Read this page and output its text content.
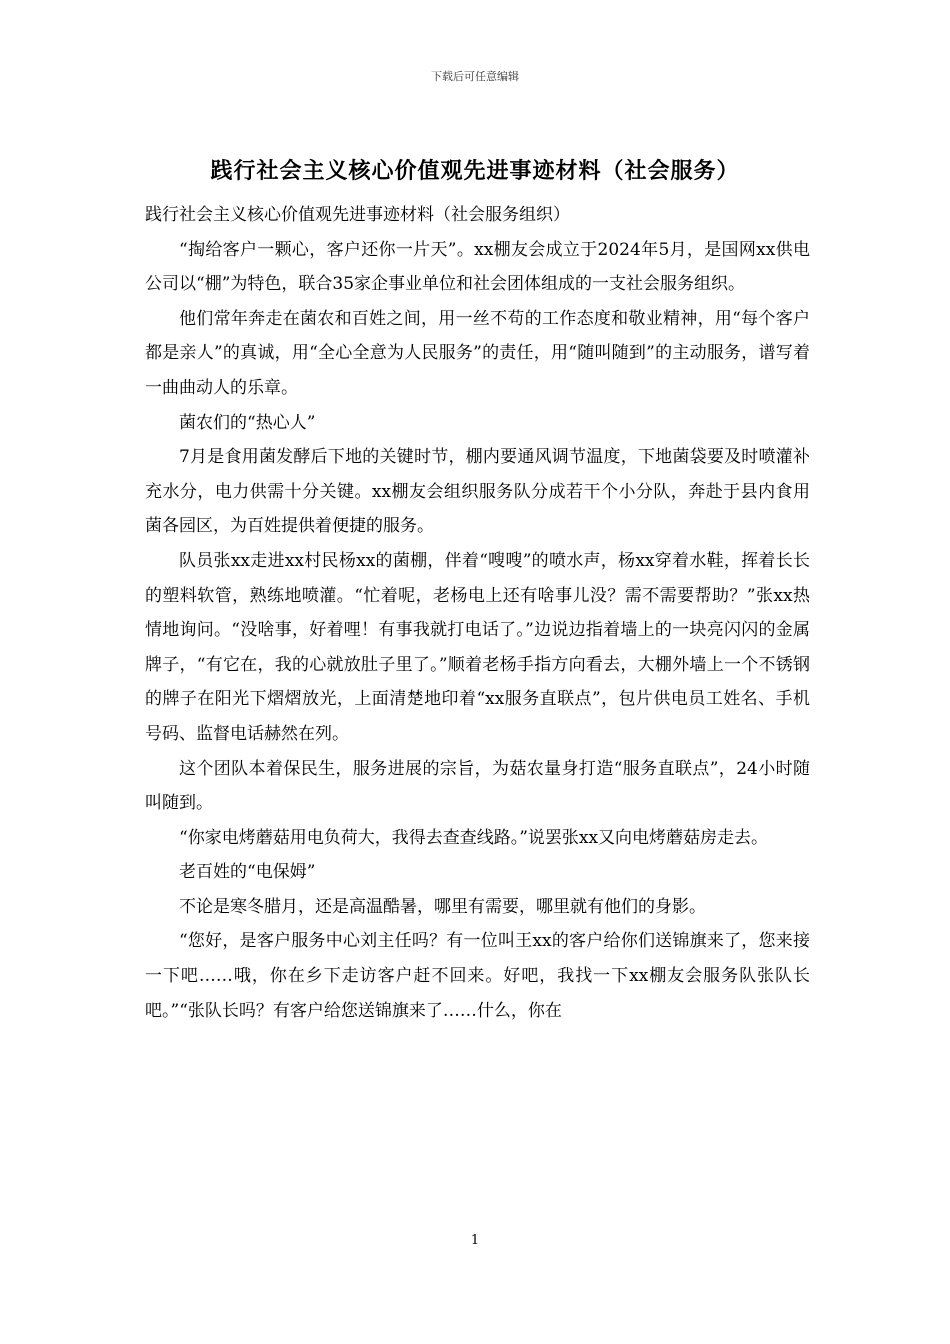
下载后可任意编辑
践行社会主义核心价值观先进事迹材料（社会服务）

践行社会主义核心价值观先进事迹材料（社会服务组织）

“掏给客户一颗心，客户还你一片天”。xx棚友会成立于2024年5月，是国网xx供电公司以“棚”为特色，联合35家企事业单位和社会团体组成的一支社会服务组织。

他们常年奔走在菌农和百姓之间，用一丝不苟的工作态度和敬业精神，用“每个客户都是亲人”的真诚，用“全心全意为人民服务”的责任，用“随叫随到”的主动服务，谱写着一曲曲动人的乐章。

菌农们的“热心人”

7月是食用菌发酵后下地的关键时节，棚内要通风调节温度，下地菌袋要及时喷灌补充水分，电力供需十分关键。xx棚友会组织服务队分成若干个小分队，奔赴于县内食用菌各园区，为百姓提供着便捷的服务。

队员张xx走进xx村民杨xx的菌棚，伴着“嗖嗖”的喷水声，杨xx穿着水鞋，挥着长长的塑料软管，熟练地喷灌。“忙着呢，老杨电上还有啥事儿没？需不需要帮助？”张xx热情地询问。“没啥事，好着哩！有事我就打电话了。”边说边指着墙上的一块亮闪闪的金属牌子，“有它在，我的心就放肚子里了。”顺着老杨手指方向看去，大棚外墙上一个不锈钢的牌子在阳光下熠熠放光，上面清楚地印着“xx服务直联点”，包片供电员工姓名、手机号码、监督电话赫然在列。

这个团队本着保民生，服务进展的宗旨，为菇农量身打造“服务直联点”，24小时随叫随到。

“你家电烤蘑菇用电负荷大，我得去查查线路。”说罢张xx又向电烤蘑菇房走去。

老百姓的“电保姆”

不论是寒冬腊月，还是高温酷暑，哪里有需要，哪里就有他们的身影。

“您好，是客户服务中心刘主任吗？有一位叫王xx的客户给你们送锦旗来了，您来接一下吧……哦，你在乡下走访客户赶不回来。好吧，我找一下xx棚友会服务队张队长吧。”“张队长吗？有客户给您送锦旗来了……什么，你在

1
